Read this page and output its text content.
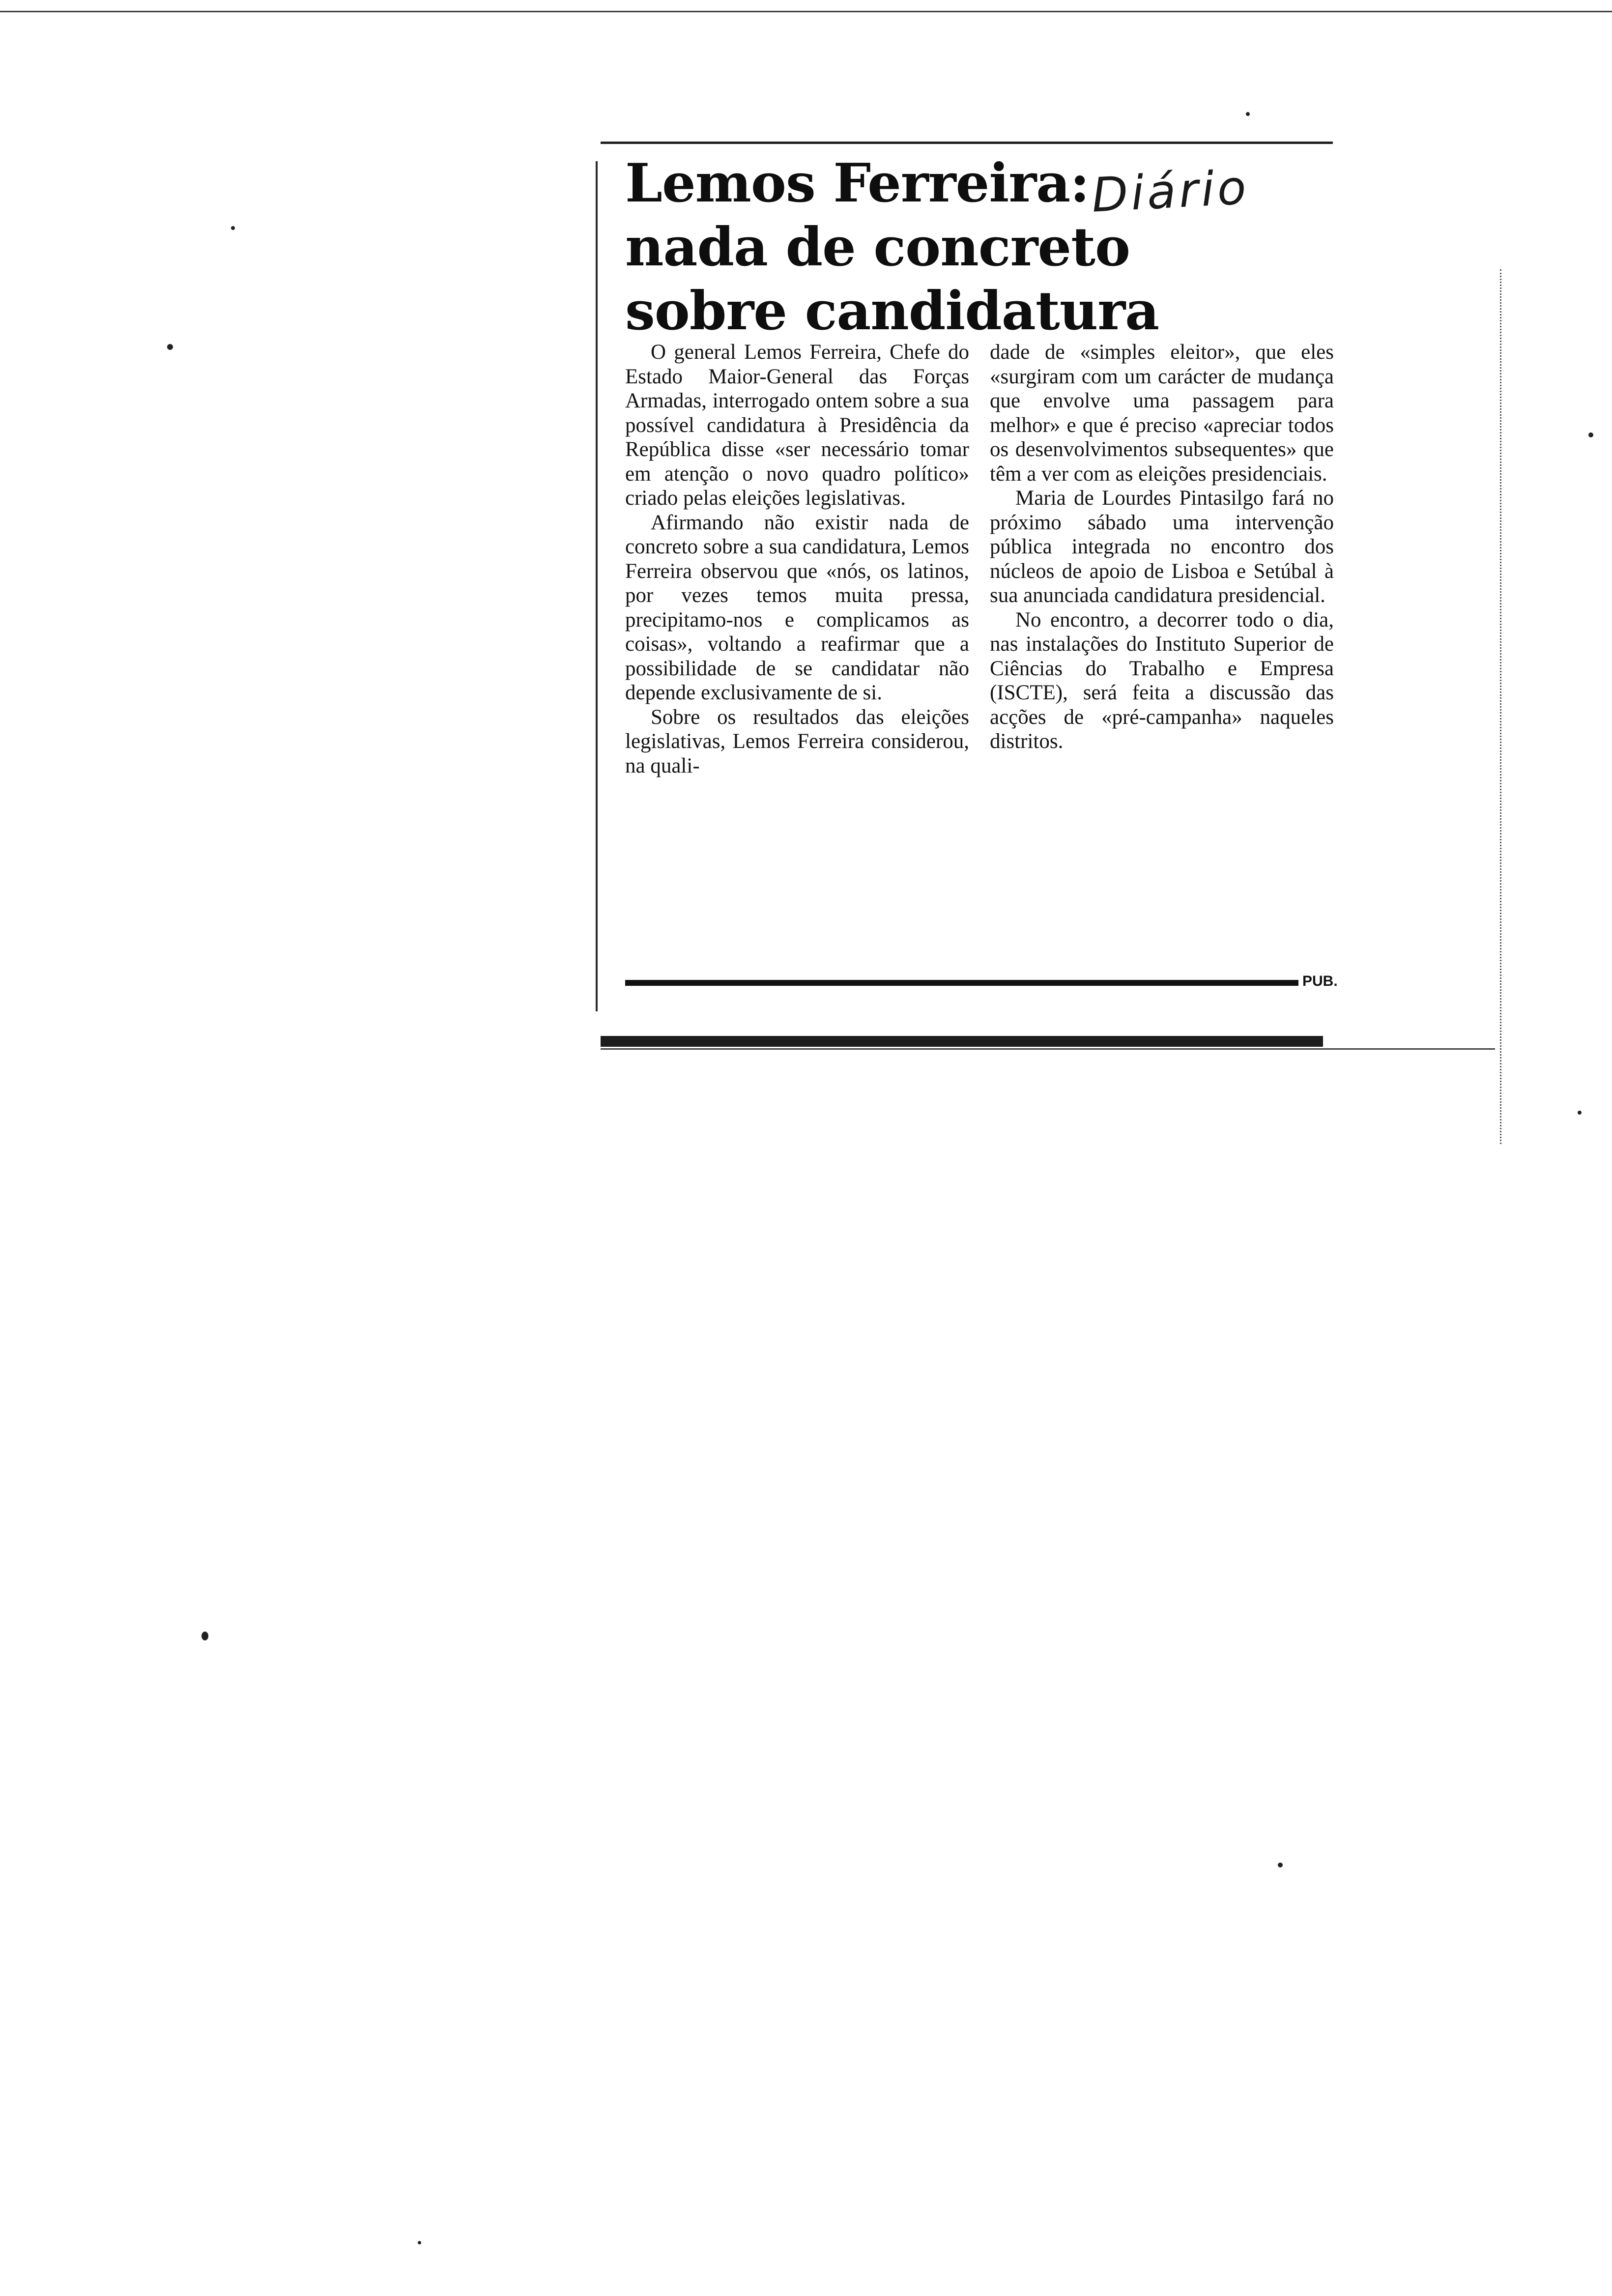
Lemos Ferreira:
nada de concreto
sobre candidatura
Diário

O general Lemos Ferreira, Chefe do Estado Maior-General das Forças Armadas, interrogado ontem sobre a sua possível candidatura à Presidência da República disse «ser necessário tomar em atenção o novo quadro político» criado pelas eleições legislativas.

Afirmando não existir nada de concreto sobre a sua candidatura, Lemos Ferreira observou que «nós, os latinos, por vezes temos muita pressa, precipitamo-nos e complicamos as coisas», voltando a reafirmar que a possibilidade de se candidatar não depende exclusivamente de si.

Sobre os resultados das eleições legislativas, Lemos Ferreira considerou, na quali-

dade de «simples eleitor», que eles «surgiram com um carácter de mudança que envolve uma passagem para melhor» e que é preciso «apreciar todos os desenvolvimentos subsequentes» que têm a ver com as eleições presidenciais.

Maria de Lourdes Pintasilgo fará no próximo sábado uma intervenção pública integrada no encontro dos núcleos de apoio de Lisboa e Setúbal à sua anunciada candidatura presidencial.

No encontro, a decorrer todo o dia, nas instalações do Instituto Superior de Ciências do Trabalho e Empresa (ISCTE), será feita a discussão das acções de «pré-campanha» naqueles distritos.

PUB.
